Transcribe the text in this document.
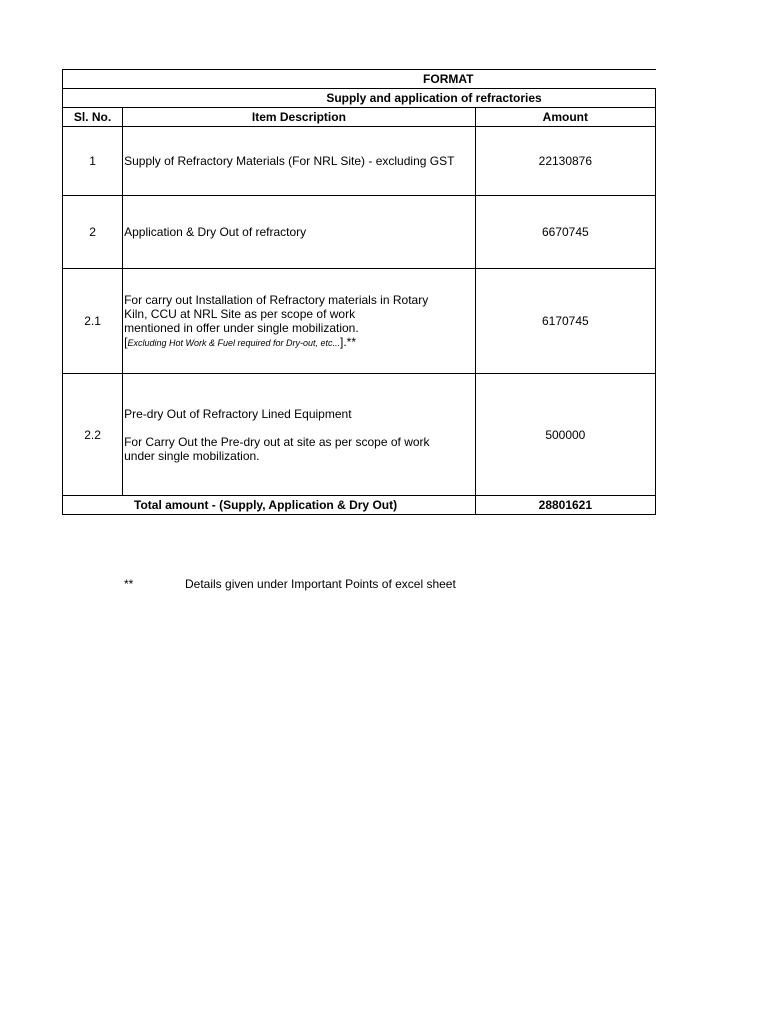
FORMAT		
Supply and application of refractories		
Sl. No.	Item Description	Amount
1	Supply of Refractory Materials (For NRL Site) - excluding GST	22130876
2	Application & Dry Out of refractory	6670745
2.1	For carry out Installation of Refractory materials in Rotary
Kiln, CCU at NRL Site as per scope of work
mentioned in offer under single mobilization.
[Excluding Hot Work & Fuel required for Dry-out, etc...].**	6170745
2.2	Pre-dry Out of Refractory Lined Equipment
For Carry Out the Pre-dry out at site as per scope of work
under single mobilization.	500000
Total amount - (Supply, Application & Dry Out)		28801621
**	Details given under Important Points of excel sheet
